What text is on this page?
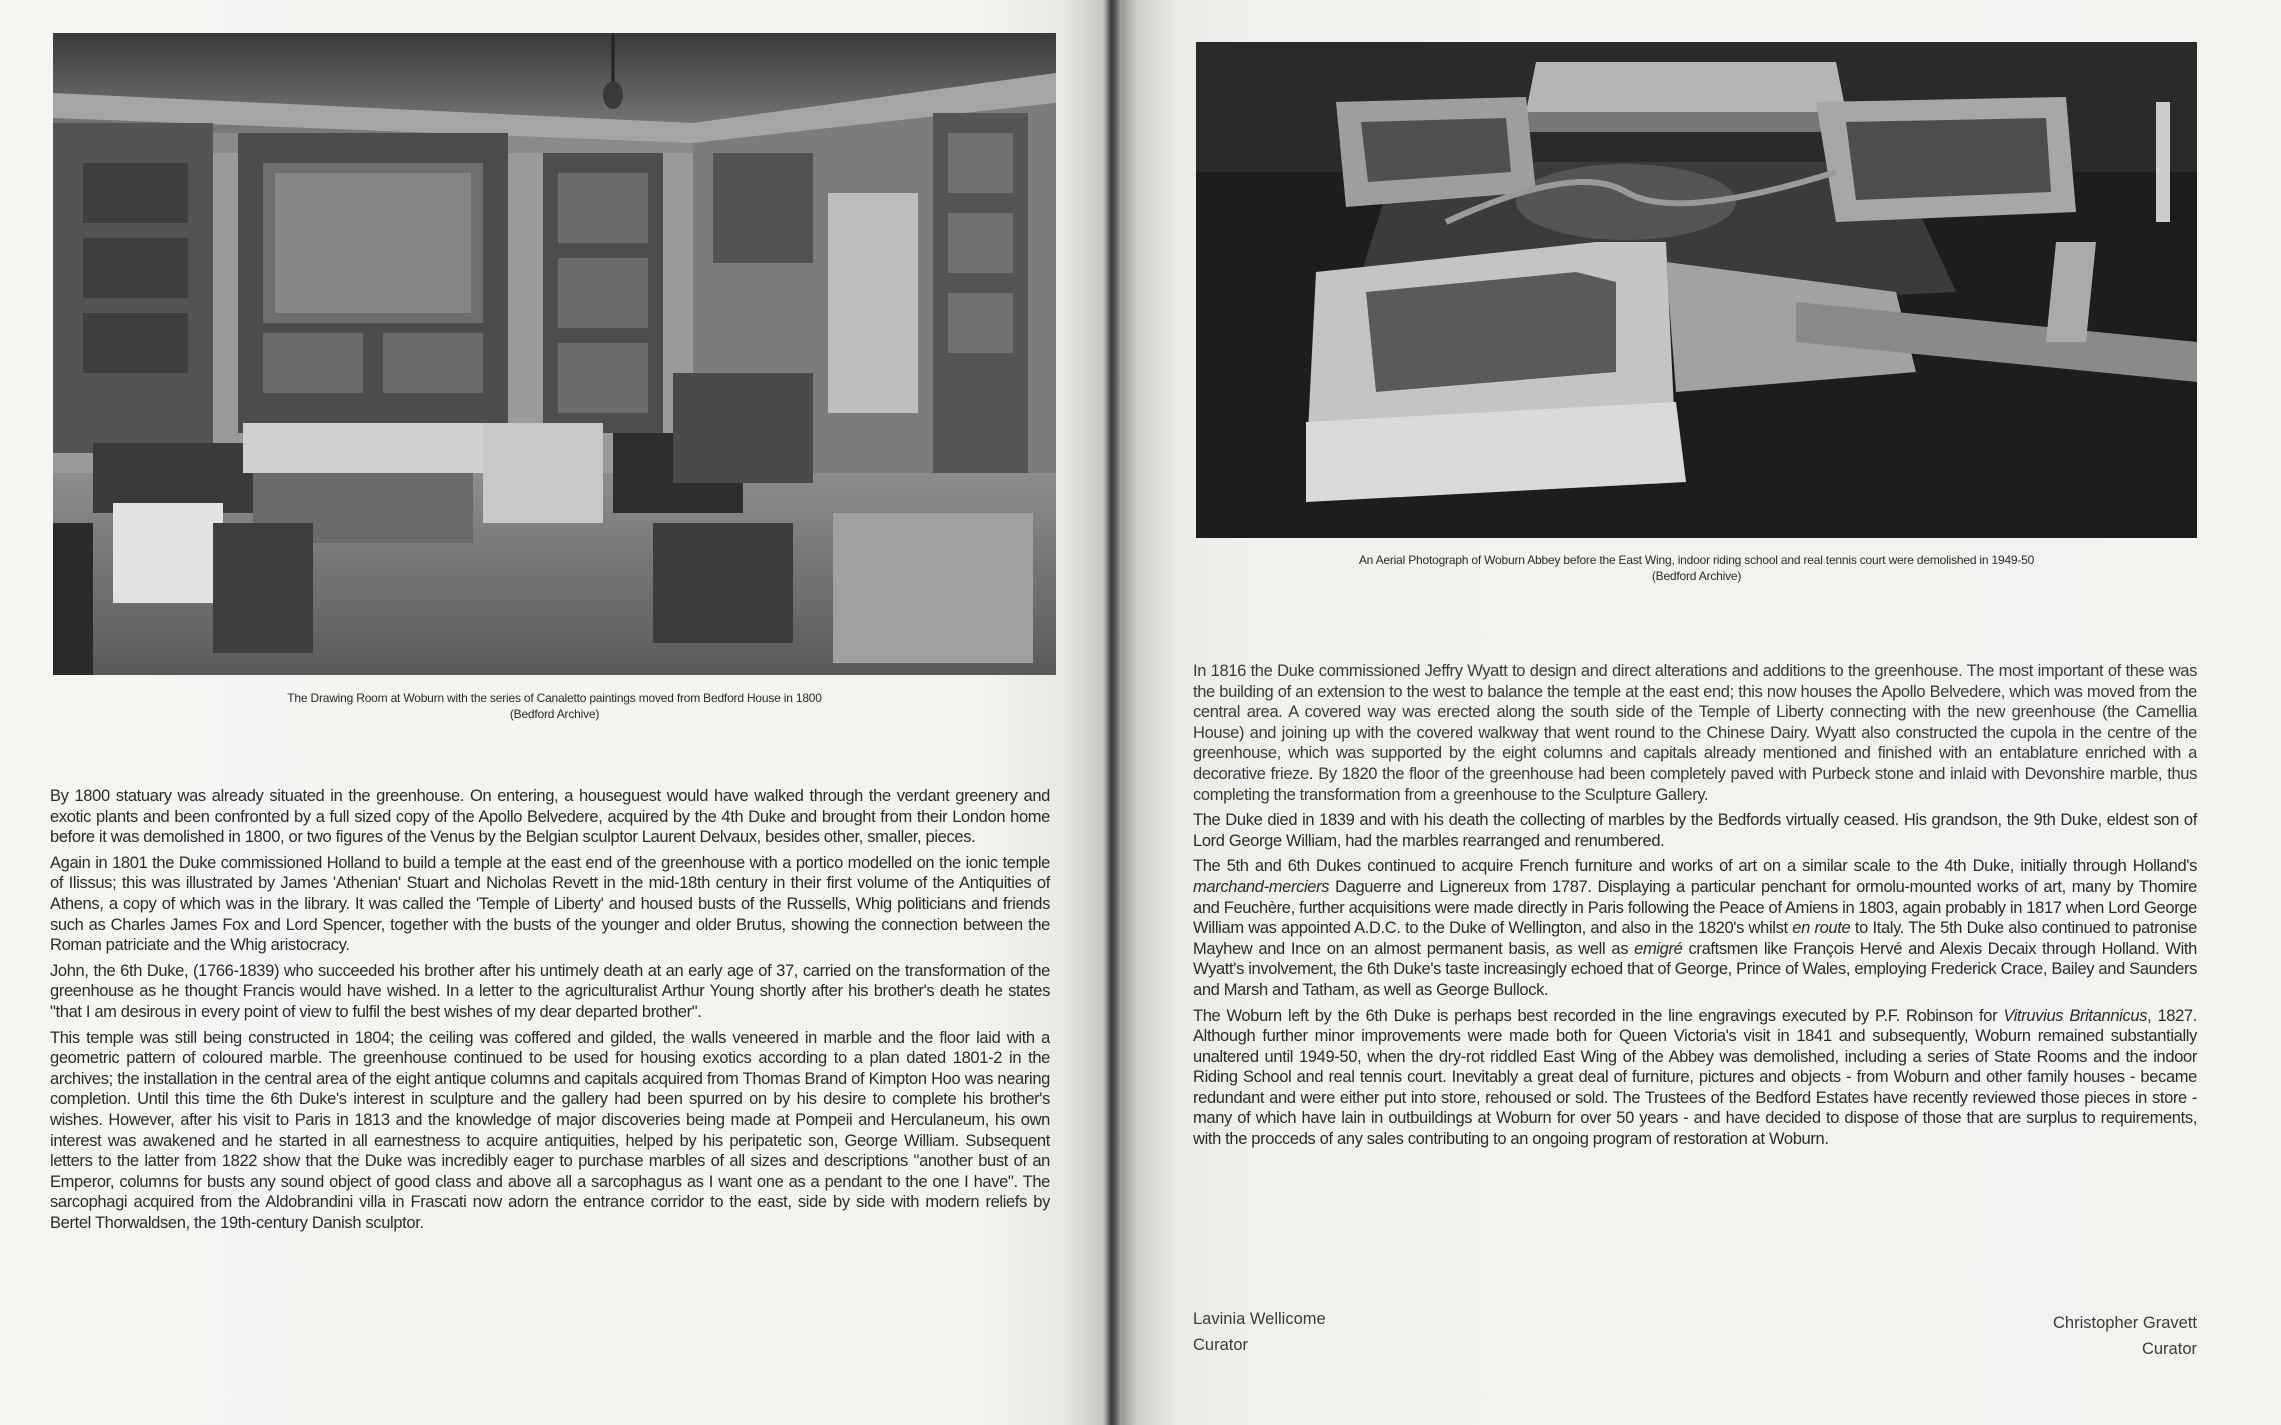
The Drawing Room at Woburn with the series of Canaletto paintings moved from Bedford House in 1800
(Bedford Archive)

By 1800 statuary was already situated in the greenhouse. On entering, a houseguest would have walked through the verdant greenery and exotic plants and been confronted by a full sized copy of the Apollo Belvedere, acquired by the 4th Duke and brought from their London home before it was demolished in 1800, or two figures of the Venus by the Belgian sculptor Laurent Delvaux, besides other, smaller, pieces.

Again in 1801 the Duke commissioned Holland to build a temple at the east end of the greenhouse with a portico modelled on the ionic temple of Ilissus; this was illustrated by James 'Athenian' Stuart and Nicholas Revett in the mid-18th century in their first volume of the Antiquities of Athens, a copy of which was in the library. It was called the 'Temple of Liberty' and housed busts of the Russells, Whig politicians and friends such as Charles James Fox and Lord Spencer, together with the busts of the younger and older Brutus, showing the connection between the Roman patriciate and the Whig aristocracy.

John, the 6th Duke, (1766-1839) who succeeded his brother after his untimely death at an early age of 37, carried on the transformation of the greenhouse as he thought Francis would have wished. In a letter to the agriculturalist Arthur Young shortly after his brother's death he states "that I am desirous in every point of view to fulfil the best wishes of my dear departed brother".

This temple was still being constructed in 1804; the ceiling was coffered and gilded, the walls veneered in marble and the floor laid with a geometric pattern of coloured marble. The greenhouse continued to be used for housing exotics according to a plan dated 1801-2 in the archives; the installation in the central area of the eight antique columns and capitals acquired from Thomas Brand of Kimpton Hoo was nearing completion. Until this time the 6th Duke's interest in sculpture and the gallery had been spurred on by his desire to complete his brother's wishes. However, after his visit to Paris in 1813 and the knowledge of major discoveries being made at Pompeii and Herculaneum, his own interest was awakened and he started in all earnestness to acquire antiquities, helped by his peripatetic son, George William. Subsequent letters to the latter from 1822 show that the Duke was incredibly eager to purchase marbles of all sizes and descriptions "another bust of an Emperor, columns for busts any sound object of good class and above all a sarcophagus as I want one as a pendant to the one I have". The sarcophagi acquired from the Aldobrandini villa in Frascati now adorn the entrance corridor to the east, side by side with modern reliefs by Bertel Thorwaldsen, the 19th-century Danish sculptor.

An Aerial Photograph of Woburn Abbey before the East Wing, indoor riding school and real tennis court were demolished in 1949-50
(Bedford Archive)

In 1816 the Duke commissioned Jeffry Wyatt to design and direct alterations and additions to the greenhouse. The most important of these was the building of an extension to the west to balance the temple at the east end; this now houses the Apollo Belvedere, which was moved from the central area. A covered way was erected along the south side of the Temple of Liberty connecting with the new greenhouse (the Camellia House) and joining up with the covered walkway that went round to the Chinese Dairy. Wyatt also constructed the cupola in the centre of the greenhouse, which was supported by the eight columns and capitals already mentioned and finished with an entablature enriched with a decorative frieze. By 1820 the floor of the greenhouse had been completely paved with Purbeck stone and inlaid with Devonshire marble, thus completing the transformation from a greenhouse to the Sculpture Gallery.

The Duke died in 1839 and with his death the collecting of marbles by the Bedfords virtually ceased. His grandson, the 9th Duke, eldest son of Lord George William, had the marbles rearranged and renumbered.

The 5th and 6th Dukes continued to acquire French furniture and works of art on a similar scale to the 4th Duke, initially through Holland's marchand-merciers Daguerre and Lignereux from 1787. Displaying a particular penchant for ormolu-mounted works of art, many by Thomire and Feuchère, further acquisitions were made directly in Paris following the Peace of Amiens in 1803, again probably in 1817 when Lord George William was appointed A.D.C. to the Duke of Wellington, and also in the 1820's whilst en route to Italy. The 5th Duke also continued to patronise Mayhew and Ince on an almost permanent basis, as well as emigré craftsmen like François Hervé and Alexis Decaix through Holland. With Wyatt's involvement, the 6th Duke's taste increasingly echoed that of George, Prince of Wales, employing Frederick Crace, Bailey and Saunders and Marsh and Tatham, as well as George Bullock.

The Woburn left by the 6th Duke is perhaps best recorded in the line engravings executed by P.F. Robinson for Vitruvius Britannicus, 1827. Although further minor improvements were made both for Queen Victoria's visit in 1841 and subsequently, Woburn remained substantially unaltered until 1949-50, when the dry-rot riddled East Wing of the Abbey was demolished, including a series of State Rooms and the indoor Riding School and real tennis court. Inevitably a great deal of furniture, pictures and objects - from Woburn and other family houses - became redundant and were either put into store, rehoused or sold. The Trustees of the Bedford Estates have recently reviewed those pieces in store - many of which have lain in outbuildings at Woburn for over 50 years - and have decided to dispose of those that are surplus to requirements, with the procceds of any sales contributing to an ongoing program of restoration at Woburn.

Lavinia Wellicome
Curator
Christopher Gravett
Curator
